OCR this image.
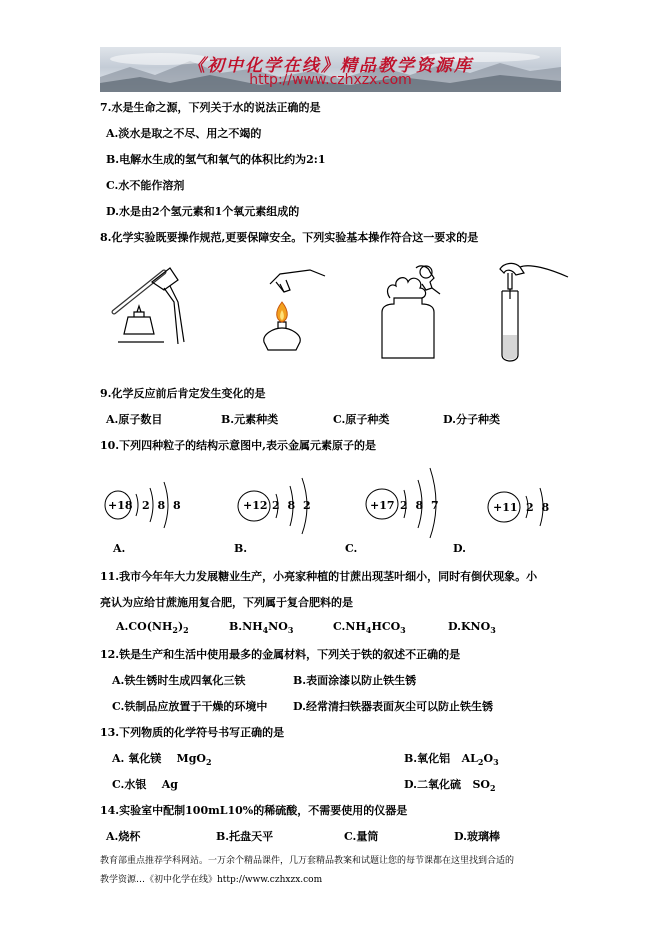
《初中化学在线》精品教学资源库
http://www.czhxzx.com
7.水是生命之源，下列关于水的说法正确的是
A.淡水是取之不尽、用之不竭的
B.电解水生成的氢气和氧气的体积比约为2:1
C.水不能作溶剂
D.水是由2个氢元素和1个氧元素组成的
8.化学实验既要操作规范,更要保障安全。下列实验基本操作符合这一要求的是
9.化学反应前后肯定发生变化的是
A.原子数目	B.元素种类	C.原子种类	D.分子种类
10.下列四种粒子的结构示意图中,表示金属元素原子的是
+18 2 8 8
A.
+12 2 8 2
B.
+17 2 8 7
C.
+11 2 8
D.
11.我市今年年大力发展糖业生产，小亮家种植的甘蔗出现茎叶细小，同时有倒伏现象。小
亮认为应给甘蔗施用复合肥，下列属于复合肥料的是
$A.CO(NH_2)_2$	$B.NH_4NO_3$	$C.NH_4HCO_3$	$D.KNO_3$
12.铁是生产和生活中使用最多的金属材料，下列关于铁的叙述不正确的是
A.铁生锈时生成四氧化三铁	B.表面涂漆以防止铁生锈
C.铁制品应放置于干燥的环境中 D.经常清扫铁器表面灰尘可以防止铁生锈
13.下列物质的化学符号书写正确的是
A. 氧化镁 MgO$_2$	B.氧化铝 $AL_2O_3$
C.水银 Ag	D.二氧化硫 $SO_2$
14.实验室中配制100mL10%的稀硫酸，不需要使用的仪器是
A.烧杯	B.托盘天平	C.量筒	D.玻璃棒
教育部重点推荐学科网站。一万余个精品课件，几万套精品教案和试题让您的每节课都在这里找到合适的
教学资源…《初中化学在线》http://www.czhxzx.com
